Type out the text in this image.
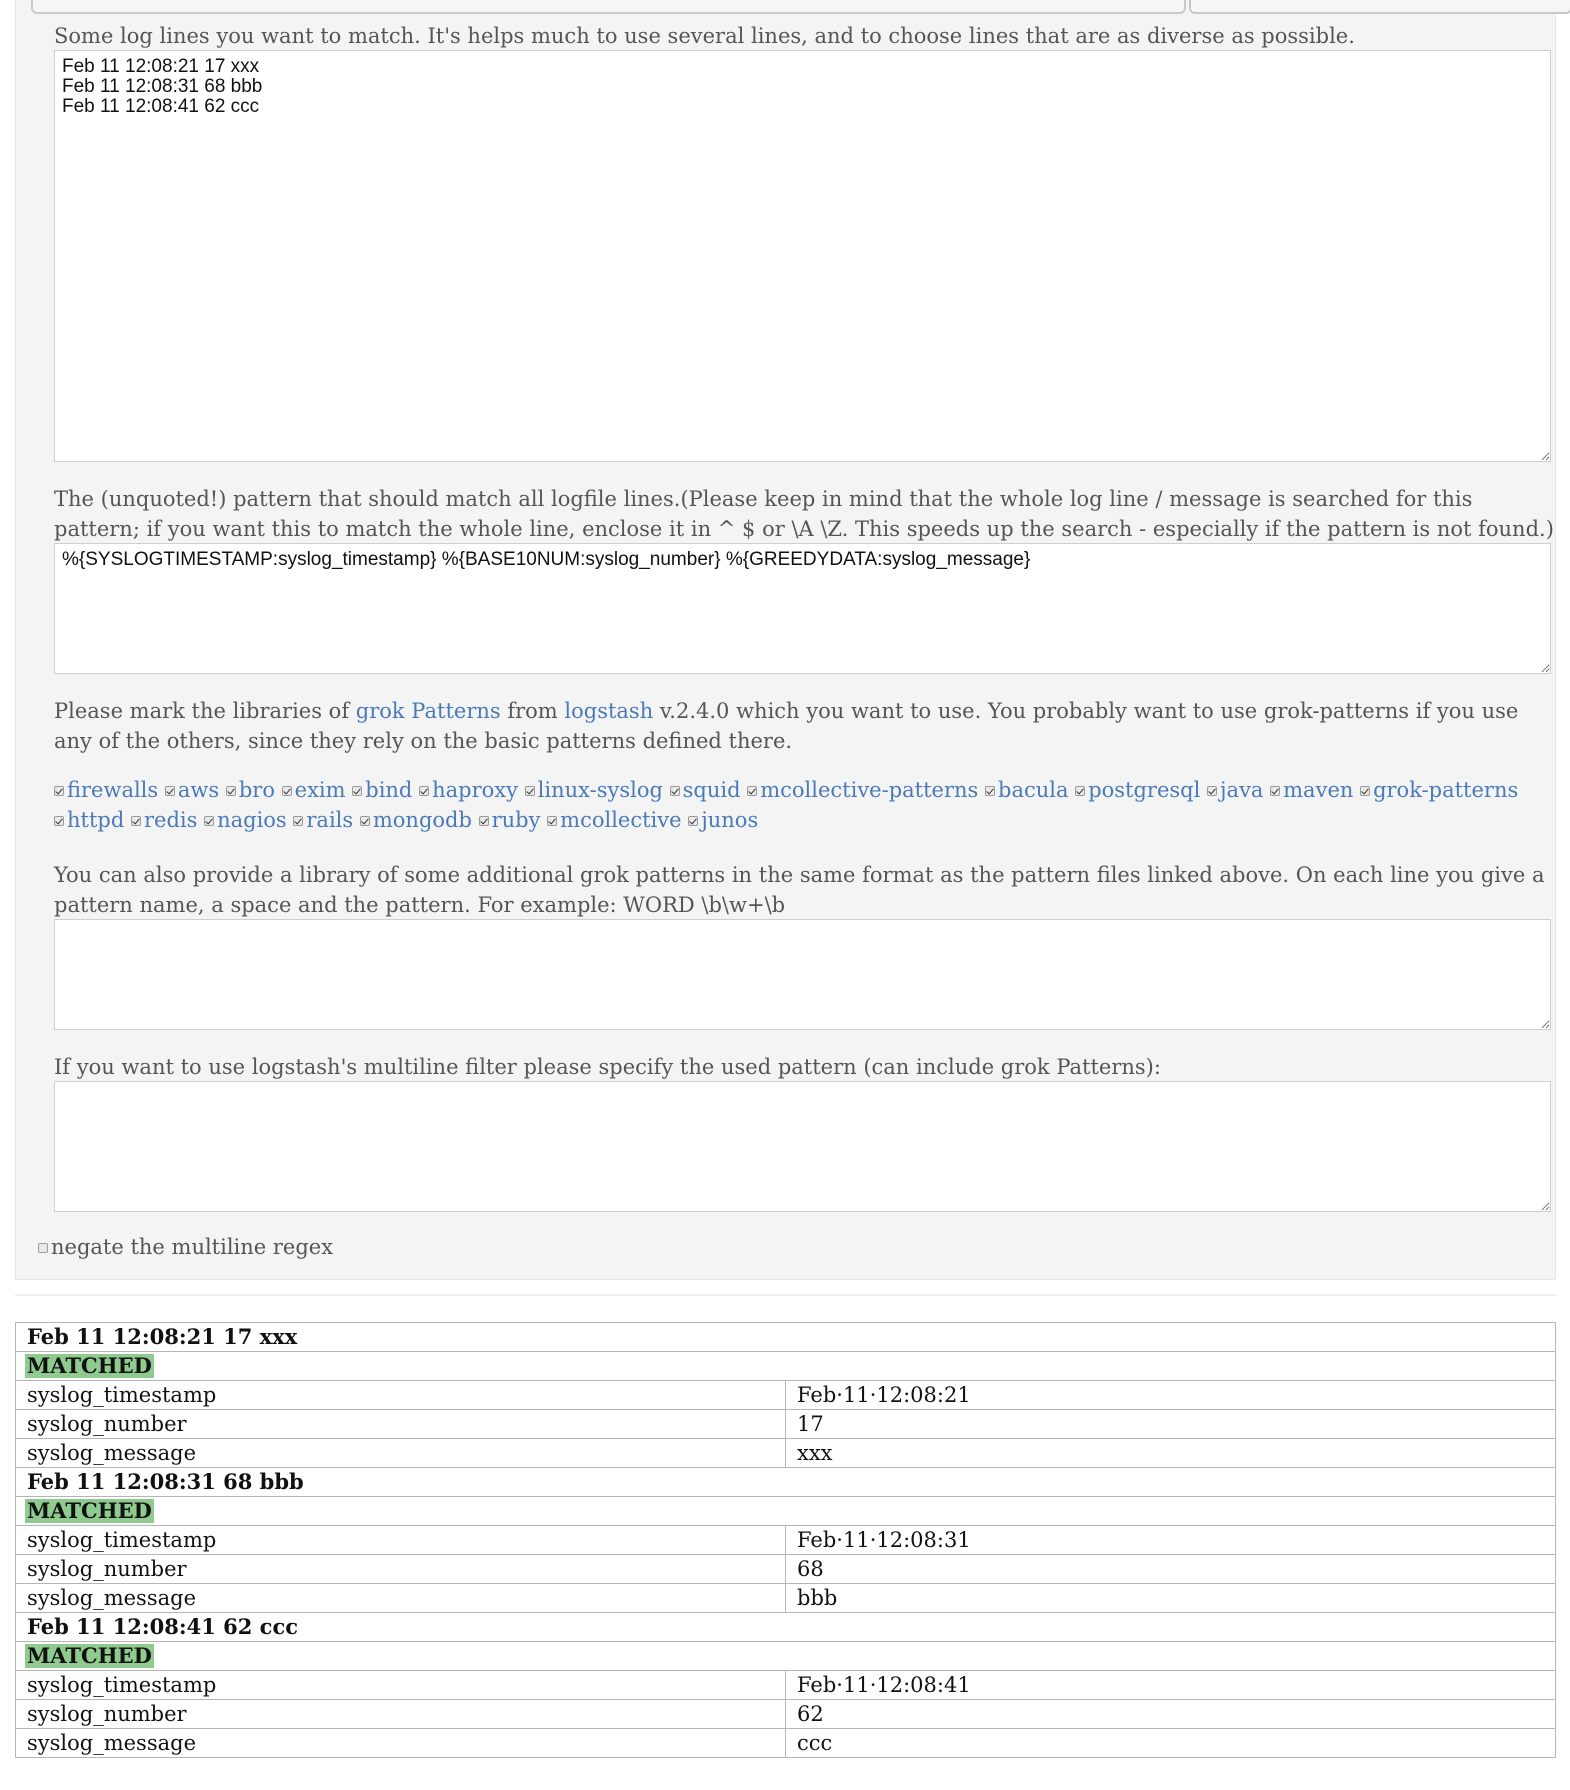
Some log lines you want to match. It's helps much to use several lines, and to choose lines that are as diverse as possible.

Feb 11 12:08:21 17 xxx Feb 11 12:08:31 68 bbb Feb 11 12:08:41 62 ccc

The (unquoted!) pattern that should match all logfile lines.(Please keep in mind that the whole log line / message is searched for this pattern; if you want this to match the whole line, enclose it in ^ $ or \A \Z. This speeds up the search - especially if the pattern is not found.)

%{SYSLOGTIMESTAMP:syslog_timestamp} %{BASE10NUM:syslog_number} %{GREEDYDATA:syslog_message}

Please mark the libraries of grok Patterns from logstash v.2.4.0 which you want to use. You probably want to use grok-patterns if you use any of the others, since they rely on the basic patterns defined there.

firewalls aws bro exim bind haproxy linux-syslog squid mcollective-patterns bacula postgresql java maven grok-patterns httpd redis nagios rails mongodb ruby mcollective junos

You can also provide a library of some additional grok patterns in the same format as the pattern files linked above. On each line you give a pattern name, a space and the pattern. For example: WORD \b\w+\b

If you want to use logstash's multiline filter please specify the used pattern (can include grok Patterns):

negate the multiline regex
Feb 11 12:08:21 17 xxx	
MATCHED	
syslog_timestamp	Feb·11·12:08:21
syslog_number	17
syslog_message	xxx
Feb 11 12:08:31 68 bbb	
MATCHED	
syslog_timestamp	Feb·11·12:08:31
syslog_number	68
syslog_message	bbb
Feb 11 12:08:41 62 ccc	
MATCHED	
syslog_timestamp	Feb·11·12:08:41
syslog_number	62
syslog_message	ccc
